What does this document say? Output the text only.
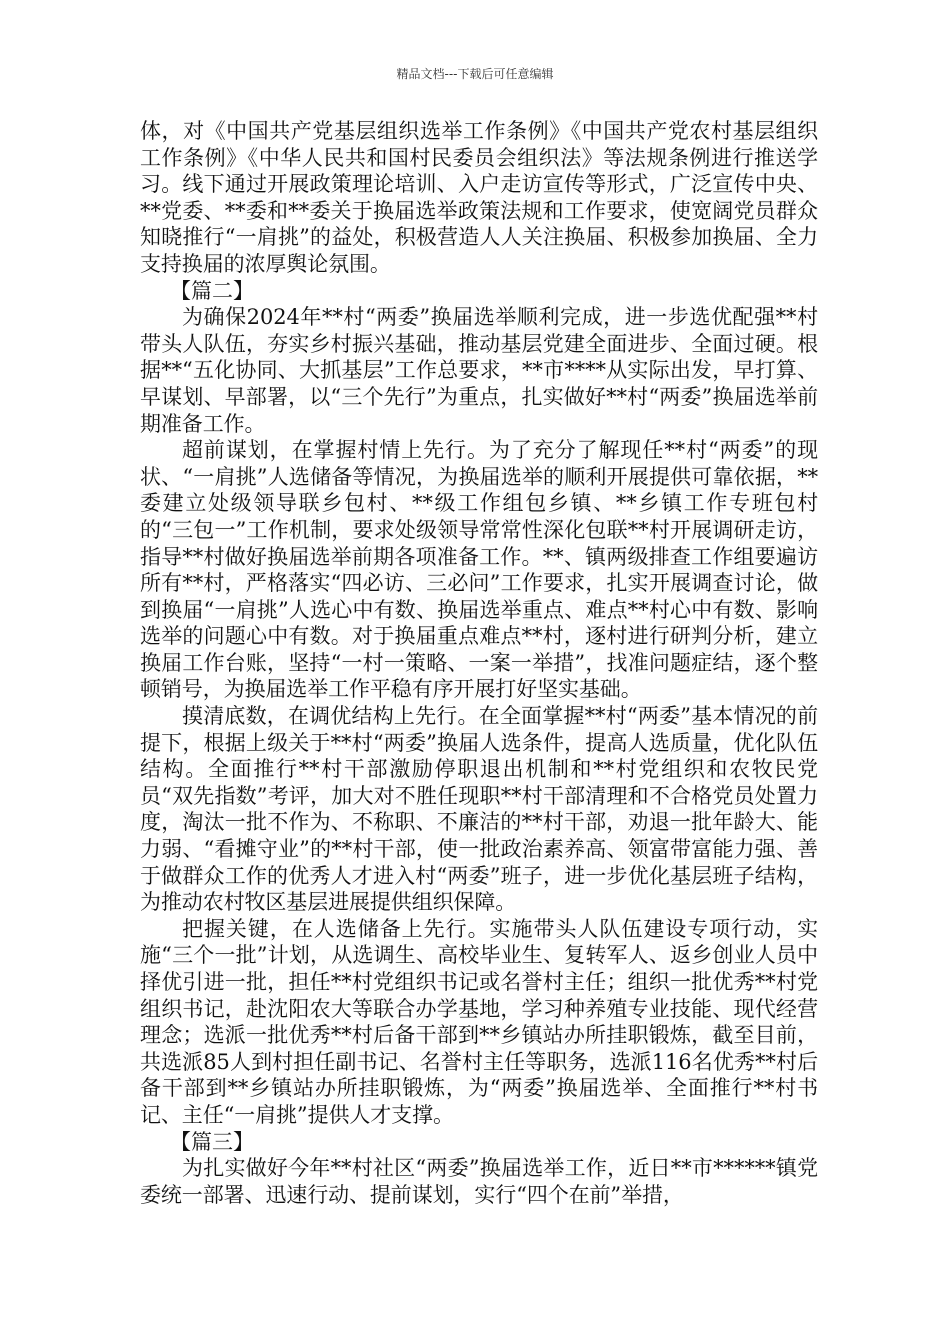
精品文档---下载后可任意编辑

体，对《中国共产党基层组织选举工作条例》《中国共产党农村基层组织工作条例》《中华人民共和国村民委员会组织法》等法规条例进行推送学习。线下通过开展政策理论培训、入户走访宣传等形式，广泛宣传中央、**党委、**委和**委关于换届选举政策法规和工作要求，使宽阔党员群众知晓推行“一肩挑”的益处，积极营造人人关注换届、积极参加换届、全力支持换届的浓厚舆论氛围。

【篇二】

为确保2024年**村“两委”换届选举顺利完成，进一步选优配强**村带头人队伍，夯实乡村振兴基础，推动基层党建全面进步、全面过硬。根据**“五化协同、大抓基层”工作总要求，**市****从实际出发，早打算、早谋划、早部署，以“三个先行”为重点，扎实做好**村“两委”换届选举前期准备工作。

超前谋划，在掌握村情上先行。为了充分了解现任**村“两委”的现状、“一肩挑”人选储备等情况，为换届选举的顺利开展提供可靠依据，**委建立处级领导联乡包村、**级工作组包乡镇、**乡镇工作专班包村的“三包一”工作机制，要求处级领导常常性深化包联**村开展调研走访，指导**村做好换届选举前期各项准备工作。**、镇两级排查工作组要遍访所有**村，严格落实“四必访、三必问”工作要求，扎实开展调查讨论，做到换届“一肩挑”人选心中有数、换届选举重点、难点**村心中有数、影响选举的问题心中有数。对于换届重点难点**村，逐村进行研判分析，建立换届工作台账，坚持“一村一策略、一案一举措”，找准问题症结，逐个整顿销号，为换届选举工作平稳有序开展打好坚实基础。

摸清底数，在调优结构上先行。在全面掌握**村“两委”基本情况的前提下，根据上级关于**村“两委”换届人选条件，提高人选质量，优化队伍结构。全面推行**村干部激励停职退出机制和**村党组织和农牧民党员“双先指数”考评，加大对不胜任现职**村干部清理和不合格党员处置力度，淘汰一批不作为、不称职、不廉洁的**村干部，劝退一批年龄大、能力弱、“看摊守业”的**村干部，使一批政治素养高、领富带富能力强、善于做群众工作的优秀人才进入村“两委”班子，进一步优化基层班子结构，为推动农村牧区基层进展提供组织保障。

把握关键，在人选储备上先行。实施带头人队伍建设专项行动，实施“三个一批”计划，从选调生、高校毕业生、复转军人、返乡创业人员中择优引进一批，担任**村党组织书记或名誉村主任；组织一批优秀**村党组织书记，赴沈阳农大等联合办学基地，学习种养殖专业技能、现代经营理念；选派一批优秀**村后备干部到**乡镇站办所挂职锻炼，截至目前，共选派85人到村担任副书记、名誉村主任等职务，选派116名优秀**村后备干部到**乡镇站办所挂职锻炼，为“两委”换届选举、全面推行**村书记、主任“一肩挑”提供人才支撑。

【篇三】

为扎实做好今年**村社区“两委”换届选举工作，近日**市******镇党委统一部署、迅速行动、提前谋划，实行“四个在前”举措，
